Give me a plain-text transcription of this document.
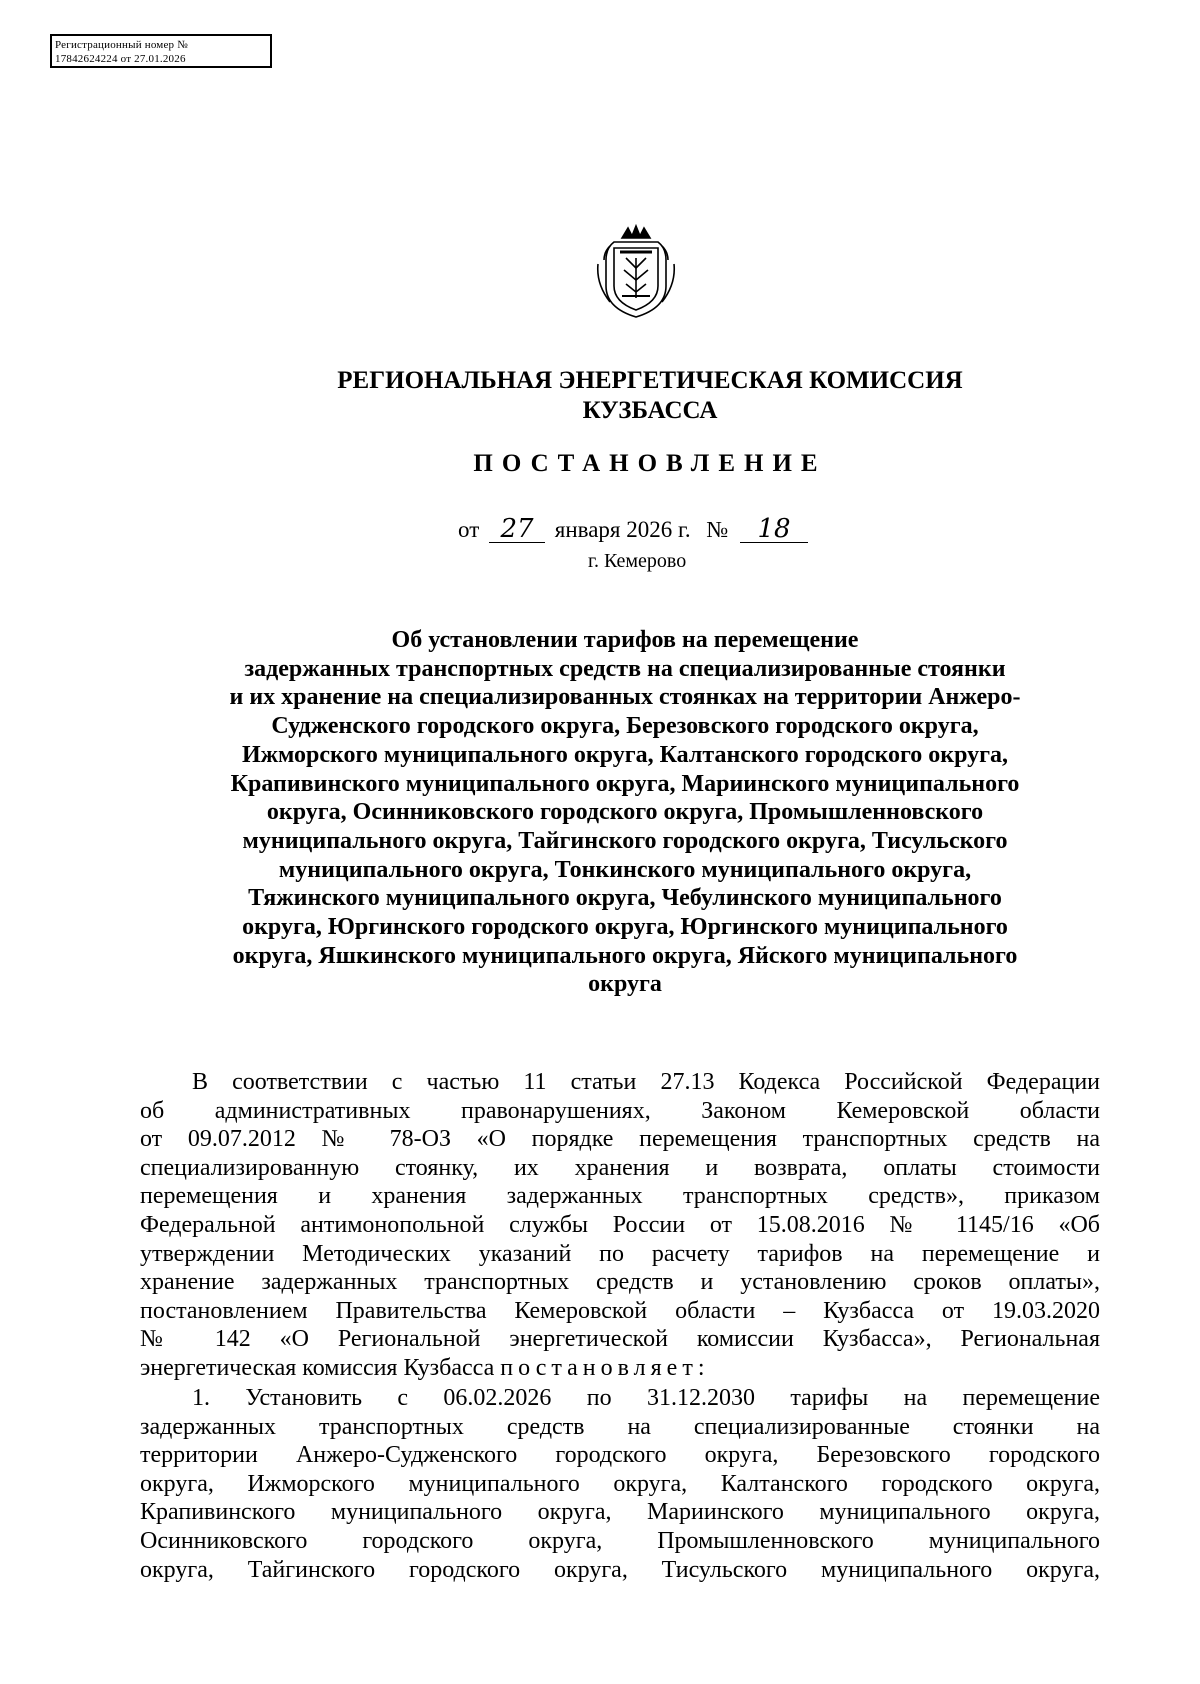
Регистрационный номер №
17842624224 от 27.01.2026
РЕГИОНАЛЬНАЯ ЭНЕРГЕТИЧЕСКАЯ КОМИССИЯ
КУЗБАССА
ПОСТАНОВЛЕНИЕ
от 27 января 2026 г. № 18
г. Кемерово
Об установлении тарифов на перемещение
задержанных транспортных средств на специализированные стоянки
и их хранение на специализированных стоянках на территории Анжеро-
Судженского городского округа, Березовского городского округа,
Ижморского муниципального округа, Калтанского городского округа,
Крапивинского муниципального округа, Мариинского муниципального
округа, Осинниковского городского округа, Промышленновского
муниципального округа, Тайгинского городского округа, Тисульского
муниципального округа, Тонкинского муниципального округа,
Тяжинского муниципального округа, Чебулинского муниципального
округа, Юргинского городского округа, Юргинского муниципального
округа, Яшкинского муниципального округа, Яйского муниципального
округа
В соответствии с частью 11 статьи 27.13 Кодекса Российской Федерации
об административных правонарушениях, Законом Кемеровской области
от 09.07.2012 № 78-ОЗ «О порядке перемещения транспортных средств на
специализированную стоянку, их хранения и возврата, оплаты стоимости
перемещения и хранения задержанных транспортных средств», приказом
Федеральной антимонопольной службы России от 15.08.2016 № 1145/16 «Об
утверждении Методических указаний по расчету тарифов на перемещение и
хранение задержанных транспортных средств и установлению сроков оплаты»,
постановлением Правительства Кемеровской области – Кузбасса от 19.03.2020
№ 142 «О Региональной энергетической комиссии Кузбасса», Региональная
энергетическая комиссия Кузбасса постановляет:
1. Установить с 06.02.2026 по 31.12.2030 тарифы на перемещение
задержанных транспортных средств на специализированные стоянки на
территории Анжеро-Судженского городского округа, Березовского городского
округа, Ижморского муниципального округа, Калтанского городского округа,
Крапивинского муниципального округа, Мариинского муниципального округа,
Осинниковского городского округа, Промышленновского муниципального
округа, Тайгинского городского округа, Тисульского муниципального округа,
